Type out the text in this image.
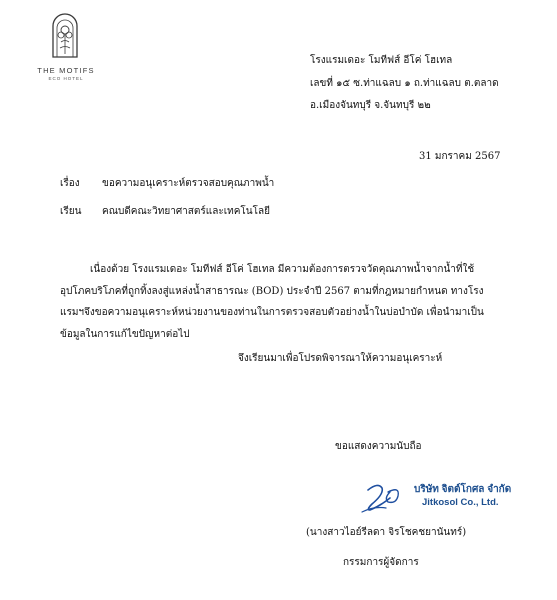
THE MOTIFS
ECO HOTEL
โรงแรมเดอะ โมทีฟส์ อีโค่ โฮเทล
เลขที่ ๑๕ ซ.ท่าแฉลบ ๑ ถ.ท่าแฉลบ ต.ตลาด
อ.เมืองจันทบุรี จ.จันทบุรี ๒๒
31 มกราคม 2567
เรื่อง ขอความอนุเคราะห์ตรวจสอบคุณภาพน้ำ
เรียน คณบดีคณะวิทยาศาสตร์และเทคโนโลยี
เนื่องด้วย โรงแรมเดอะ โมทีฟส์ อีโค่ โฮเทล มีความต้องการตรวจวัดคุณภาพน้ำจากน้ำที่ใช้อุปโภคบริโภคที่ถูกทิ้งลงสู่แหล่งน้ำสาธารณะ (BOD) ประจำปี 2567 ตามที่กฎหมายกำหนด ทางโรงแรมฯจึงขอความอนุเคราะห์หน่วยงานของท่านในการตรวจสอบตัวอย่างน้ำในบ่อบำบัด เพื่อนำมาเป็นข้อมูลในการแก้ไขปัญหาต่อไป
จึงเรียนมาเพื่อโปรดพิจารณาให้ความอนุเคราะห์
ขอแสดงความนับถือ
บริษัท จิตต์โกศล จำกัด
Jitkosol Co., Ltd.
(นางสาวไอย์รีลดา จิรโชคชยานันทร์)
กรรมการผู้จัดการ
